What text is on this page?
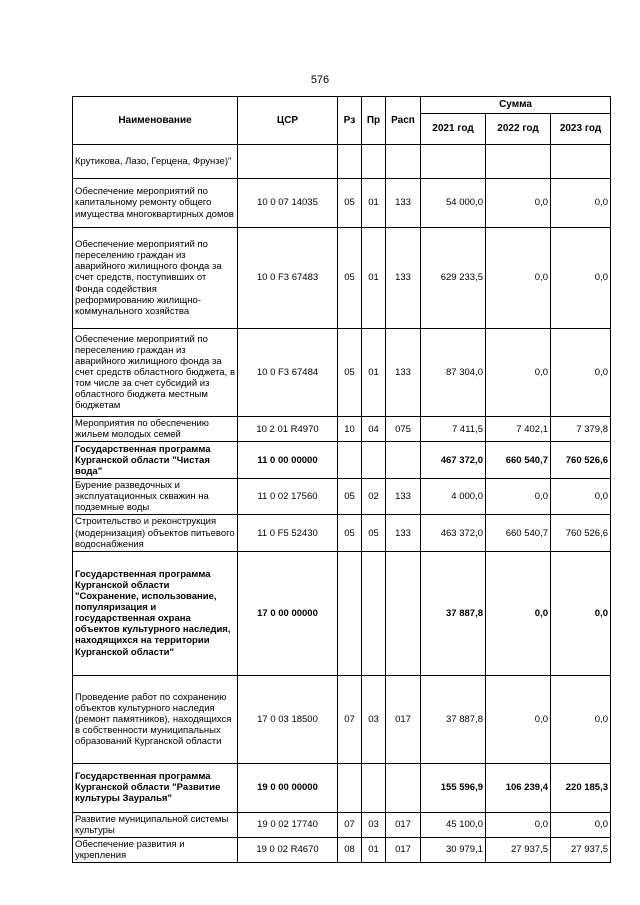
576
Наименование	ЦСР	Рз	Пр	Расп	Сумма		
					2021 год	2022 год	2023 год
Крутикова, Лазо, Герцена, Фрунзе)"							
Обеспечение мероприятий по капитальному ремонту общего имущества многоквартирных домов	10 0 07 14035	05	01	133	54 000,0	0,0	0,0
Обеспечение мероприятий по переселению граждан из аварийного жилищного фонда за счет средств, поступивших от Фонда содействия реформированию жилищно-коммунального хозяйства	10 0 F3 67483	05	01	133	629 233,5	0,0	0,0
Обеспечение мероприятий по переселению граждан из аварийного жилищного фонда за счет средств областного бюджета, в том числе за счет субсидий из областного бюджета местным бюджетам	10 0 F3 67484	05	01	133	87 304,0	0,0	0,0
Мероприятия по обеспечению жильем молодых семей	10 2 01 R4970	10	04	075	7 411,5	7 402,1	7 379,8
Государственная программа Курганской области "Чистая вода"	11 0 00 00000				467 372,0	660 540,7	760 526,6
Бурение разведочных и эксплуатационных скважин на подземные воды	11 0 02 17560	05	02	133	4 000,0	0,0	0,0
Строительство и реконструкция (модернизация) объектов питьевого водоснабжения	11 0 F5 52430	05	05	133	463 372,0	660 540,7	760 526,6
Государственная программа Курганской области "Сохранение, использование, популяризация и государственная охрана объектов культурного наследия, находящихся на территории Курганской области"	17 0 00 00000				37 887,8	0,0	0,0
Проведение работ по сохранению объектов культурного наследия (ремонт памятников), находящихся в собственности муниципальных образований Курганской области	17 0 03 18500	07	03	017	37 887,8	0,0	0,0
Государственная программа Курганской области "Развитие культуры Зауралья"	19 0 00 00000				155 596,9	106 239,4	220 185,3
Развитие муниципальной системы культуры	19 0 02 17740	07	03	017	45 100,0	0,0	0,0
Обеспечение развития и укрепления	19 0 02 R4670	08	01	017	30 979,1	27 937,5	27 937,5
